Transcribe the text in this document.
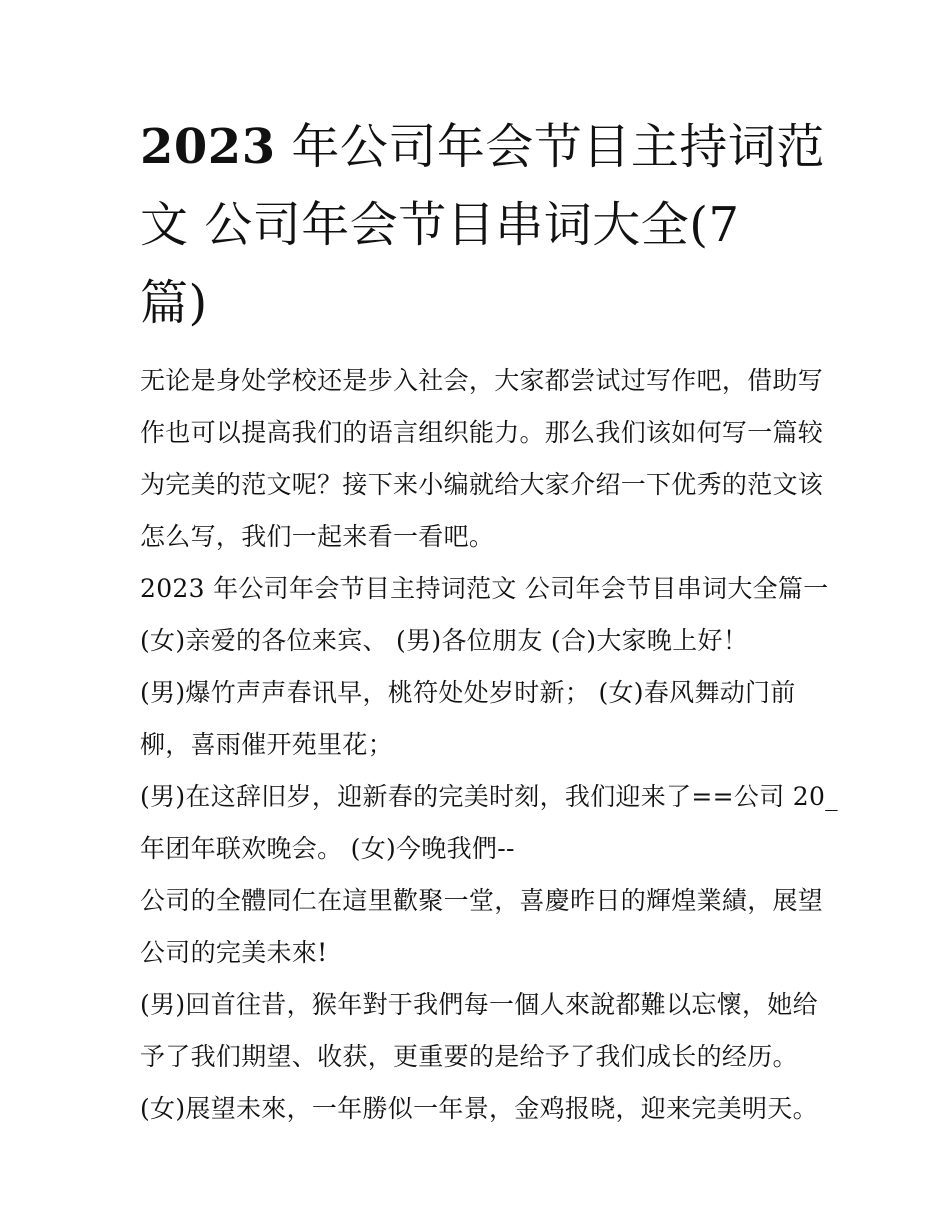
2023 年公司年会节目主持词范
文 公司年会节目串词大全(7
篇)
无论是身处学校还是步入社会，大家都尝试过写作吧，借助写
作也可以提高我们的语言组织能力。那么我们该如何写一篇较
为完美的范文呢？接下来小编就给大家介绍一下优秀的范文该
怎么写，我们一起来看一看吧。
2023 年公司年会节目主持词范文 公司年会节目串词大全篇一
(女)亲爱的各位来宾、 (男)各位朋友 (合)大家晚上好！
(男)爆竹声声春讯早，桃符处处岁时新； (女)春风舞动门前
柳，喜雨催开苑里花；
(男)在这辞旧岁，迎新春的完美时刻，我们迎来了==公司 20_
年团年联欢晚会。 (女)今晚我們--
公司的全體同仁在這里歡聚一堂，喜慶昨日的輝煌業績，展望
公司的完美未來!
(男)回首往昔，猴年對于我們每一個人來說都難以忘懷，她给
予了我们期望、收获，更重要的是给予了我们成长的经历。
(女)展望未來，一年勝似一年景，金鸡报晓，迎来完美明天。
